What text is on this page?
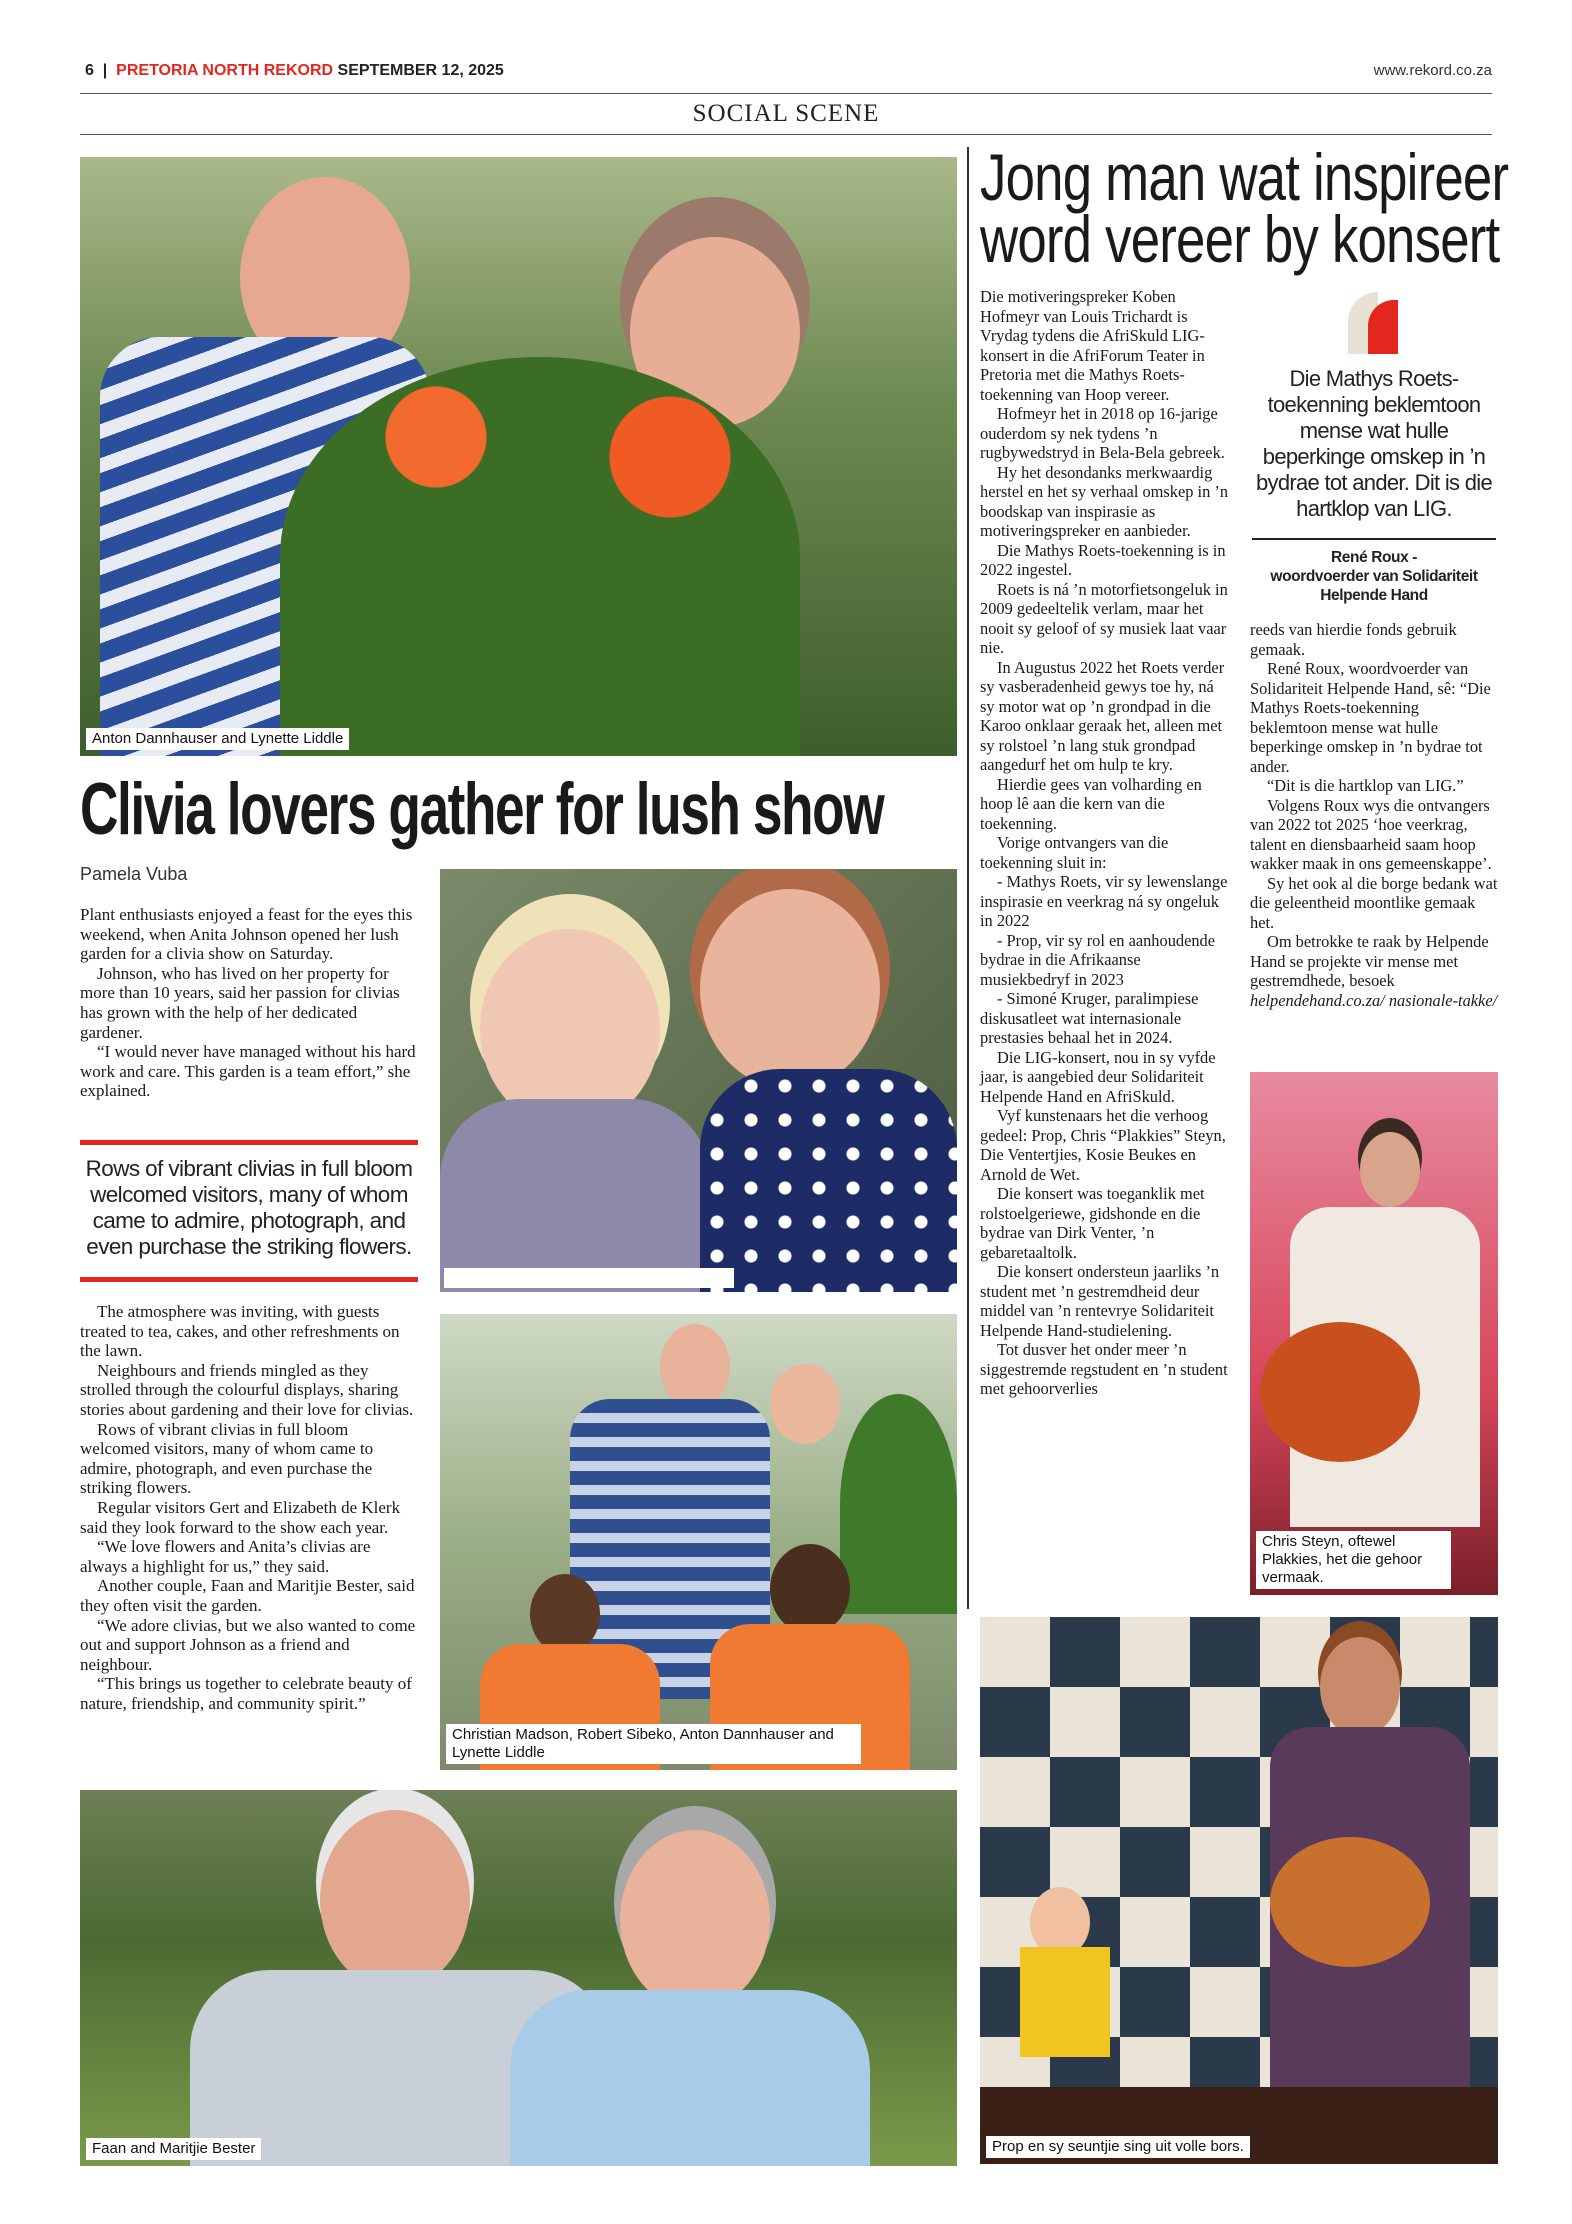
6 | PRETORIA NORTH REKORD SEPTEMBER 12, 2025	www.rekord.co.za
SOCIAL SCENE
Anton Dannhauser and Lynette Liddle
Clivia lovers gather for lush show
Pamela Vuba

Plant enthusiasts enjoyed a feast for the eyes this weekend, when Anita Johnson opened her lush garden for a clivia show on Saturday.

Johnson, who has lived on her property for more than 10 years, said her passion for clivias has grown with the help of her dedicated gardener.

“I would never have managed without his hard work and care. This garden is a team effort,” she explained.

Rows of vibrant clivias in full bloom welcomed visitors, many of whom came to admire, photograph, and even purchase the striking flowers.

The atmosphere was inviting, with guests treated to tea, cakes, and other refreshments on the lawn.

Neighbours and friends mingled as they strolled through the colourful displays, sharing stories about gardening and their love for clivias.

Rows of vibrant clivias in full bloom welcomed visitors, many of whom came to admire, photograph, and even purchase the striking flowers.

Regular visitors Gert and Elizabeth de Klerk said they look forward to the show each year.

“We love flowers and Anita’s clivias are always a highlight for us,” they said.

Another couple, Faan and Maritjie Bester, said they often visit the garden.

“We adore clivias, but we also wanted to come out and support Johnson as a friend and neighbour.

“This brings us together to celebrate beauty of nature, friendship, and community spirit.”

Christian Madson, Robert Sibeko, Anton Dannhauser and Lynette Liddle
Faan and Maritjie Bester
Jong man wat inspireer
word vereer by konsert

Die motiveringspreker Koben Hofmeyr van Louis Trichardt is Vrydag tydens die AfriSkuld LIG-konsert in die AfriForum Teater in Pretoria met die Mathys Roets-toekenning van Hoop vereer.

Hofmeyr het in 2018 op 16-jarige ouderdom sy nek tydens ’n rugbywedstryd in Bela-Bela gebreek.

Hy het desondanks merkwaardig herstel en het sy verhaal omskep in ’n boodskap van inspirasie as motiveringspreker en aanbieder.

Die Mathys Roets-toekenning is in 2022 ingestel.

Roets is ná ’n motorfietsongeluk in 2009 gedeeltelik verlam, maar het nooit sy geloof of sy musiek laat vaar nie.

In Augustus 2022 het Roets verder sy vasberadenheid gewys toe hy, ná sy motor wat op ’n grondpad in die Karoo onklaar geraak het, alleen met sy rolstoel ’n lang stuk grondpad aangedurf het om hulp te kry.

Hierdie gees van volharding en hoop lê aan die kern van die toekenning.

Vorige ontvangers van die toekenning sluit in:

- Mathys Roets, vir sy lewenslange inspirasie en veerkrag ná sy ongeluk in 2022

- Prop, vir sy rol en aanhoudende bydrae in die Afrikaanse musiekbedryf in 2023

- Simoné Kruger, paralimpiese diskusatleet wat internasionale prestasies behaal het in 2024.

Die LIG-konsert, nou in sy vyfde jaar, is aangebied deur Solidariteit Helpende Hand en AfriSkuld.

Vyf kunstenaars het die verhoog gedeel: Prop, Chris “Plakkies” Steyn, Die Ventertjies, Kosie Beukes en Arnold de Wet.

Die konsert was toeganklik met rolstoelgeriewe, gidshonde en die bydrae van Dirk Venter, ’n gebaretaaltolk.

Die konsert ondersteun jaarliks ’n student met ’n gestremdheid deur middel van ’n rentevrye Solidariteit Helpende Hand-studielening.

Tot dusver het onder meer ’n siggestremde regstudent en ’n student met gehoorverlies

Die Mathys Roets-toekenning beklemtoon mense wat hulle beperkinge omskep in ’n bydrae tot ander. Dit is die hartklop van LIG.
René Roux -
woordvoerder van Solidariteit Helpende Hand

reeds van hierdie fonds gebruik gemaak.

René Roux, woordvoerder van Solidariteit Helpende Hand, sê: “Die Mathys Roets-toekenning beklemtoon mense wat hulle beperkinge omskep in ’n bydrae tot ander.

“Dit is die hartklop van LIG.”

Volgens Roux wys die ontvangers van 2022 tot 2025 ‘hoe veerkrag, talent en diensbaarheid saam hoop wakker maak in ons gemeenskappe’.

Sy het ook al die borge bedank wat die geleentheid moontlike gemaak het.

Om betrokke te raak by Helpende Hand se projekte vir mense met gestremdhede, besoek helpendehand.co.za/ nasionale-takke/

Chris Steyn, oftewel Plakkies, het die gehoor vermaak.
Prop en sy seuntjie sing uit volle bors.
